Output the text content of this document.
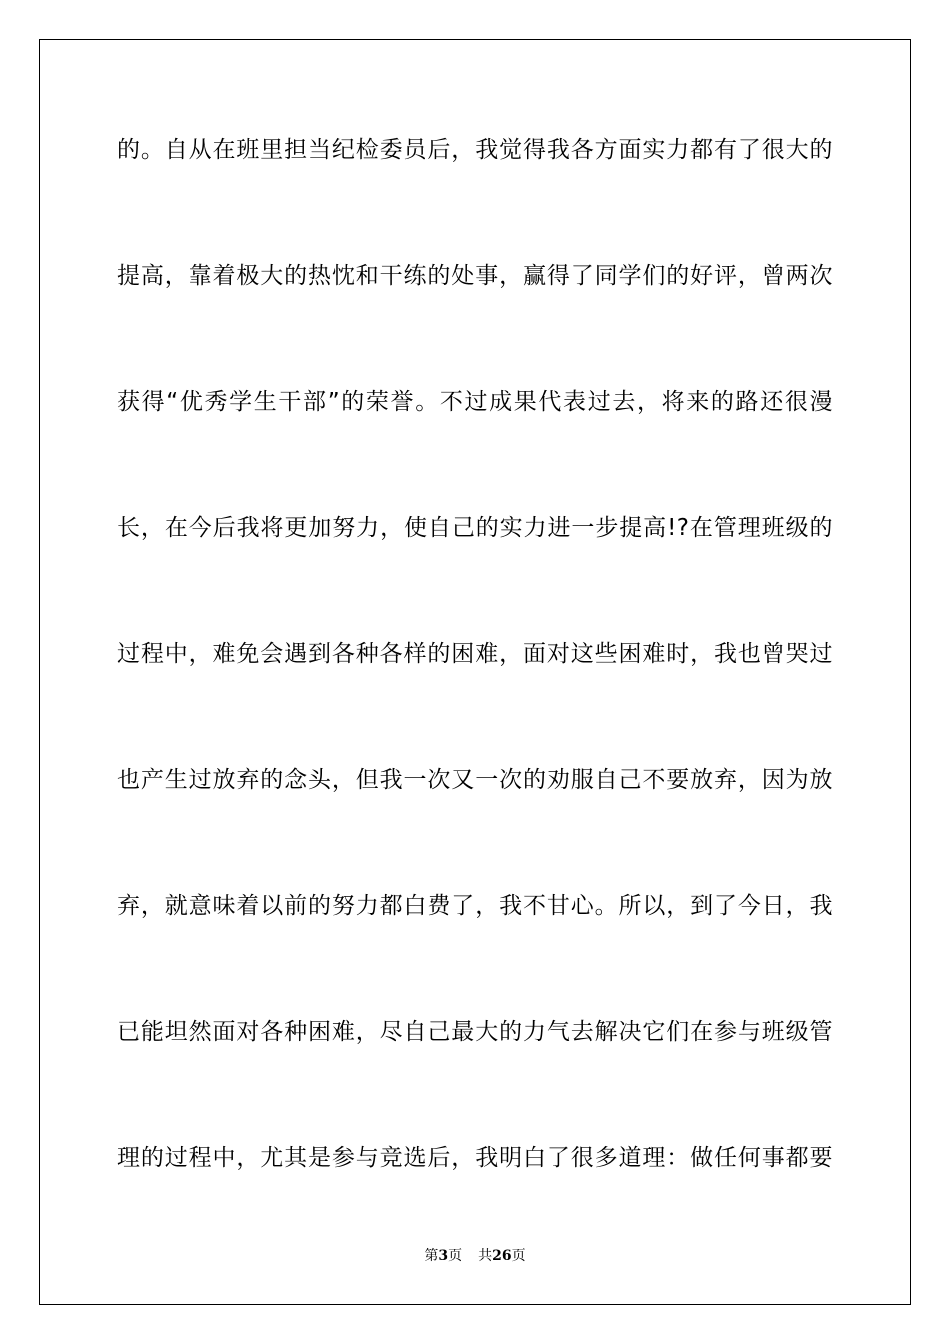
的。自从在班里担当纪检委员后，我觉得我各方面实力都有了很大的
提高，靠着极大的热忱和干练的处事，赢得了同学们的好评，曾两次
获得“优秀学生干部”的荣誉。不过成果代表过去，将来的路还很漫
长，在今后我将更加努力，使自己的实力进一步提高!?在管理班级的
过程中，难免会遇到各种各样的困难，面对这些困难时，我也曾哭过
也产生过放弃的念头，但我一次又一次的劝服自己不要放弃，因为放
弃，就意味着以前的努力都白费了，我不甘心。所以，到了今日，我
已能坦然面对各种困难，尽自己最大的力气去解决它们在参与班级管
理的过程中，尤其是参与竞选后，我明白了很多道理：做任何事都要
第3页 共26页
